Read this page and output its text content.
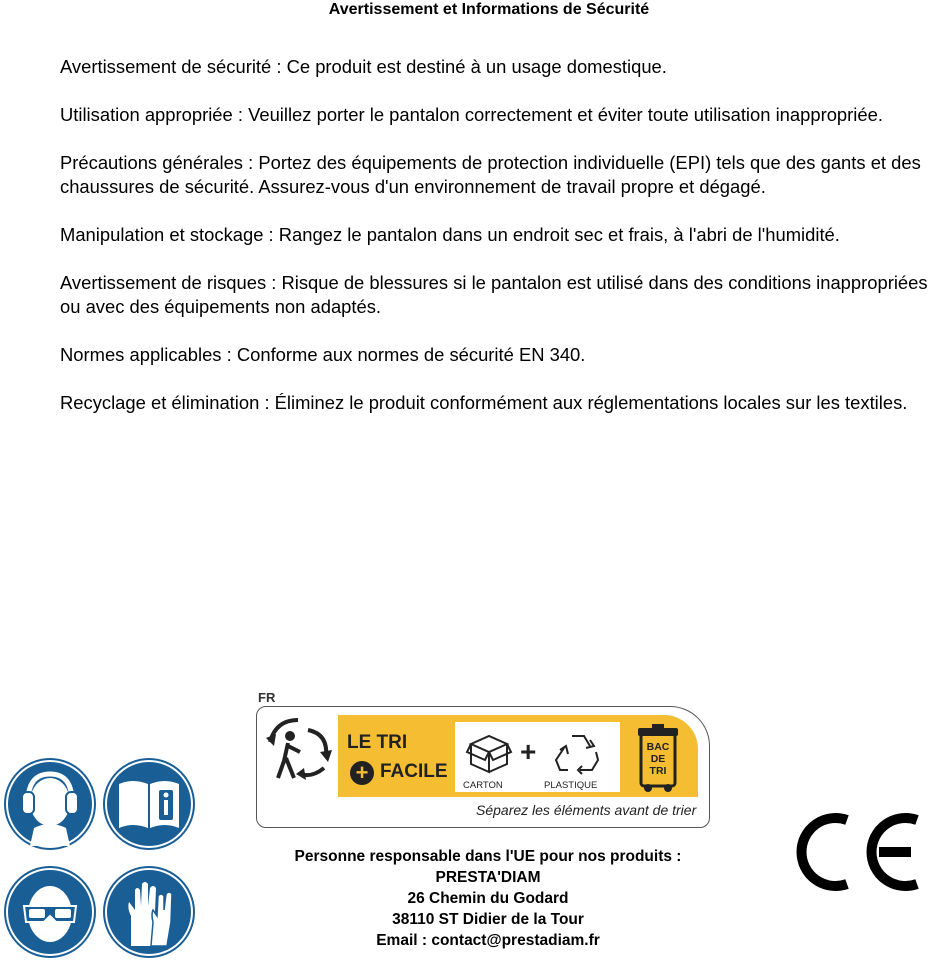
Avertissement et Informations de Sécurité

Avertissement de sécurité : Ce produit est destiné à un usage domestique.

Utilisation appropriée : Veuillez porter le pantalon correctement et éviter toute utilisation inappropriée.

Précautions générales : Portez des équipements de protection individuelle (EPI) tels que des gants et des chaussures de sécurité. Assurez-vous d'un environnement de travail propre et dégagé.

Manipulation et stockage : Rangez le pantalon dans un endroit sec et frais, à l'abri de l'humidité.

Avertissement de risques : Risque de blessures si le pantalon est utilisé dans des conditions inappropriées ou avec des équipements non adaptés.

Normes applicables : Conforme aux normes de sécurité EN 340.

Recyclage et élimination : Éliminez le produit conformément aux réglementations locales sur les textiles.

FR
LE TRI
+ FACILE
CARTON
+
PLASTIQUE
BAC
DE
TRI
Séparez les éléments avant de trier
Personne responsable dans l'UE pour nos produits :
PRESTA'DIAM
26 Chemin du Godard
38110 ST Didier de la Tour
Email : contact@prestadiam.fr
